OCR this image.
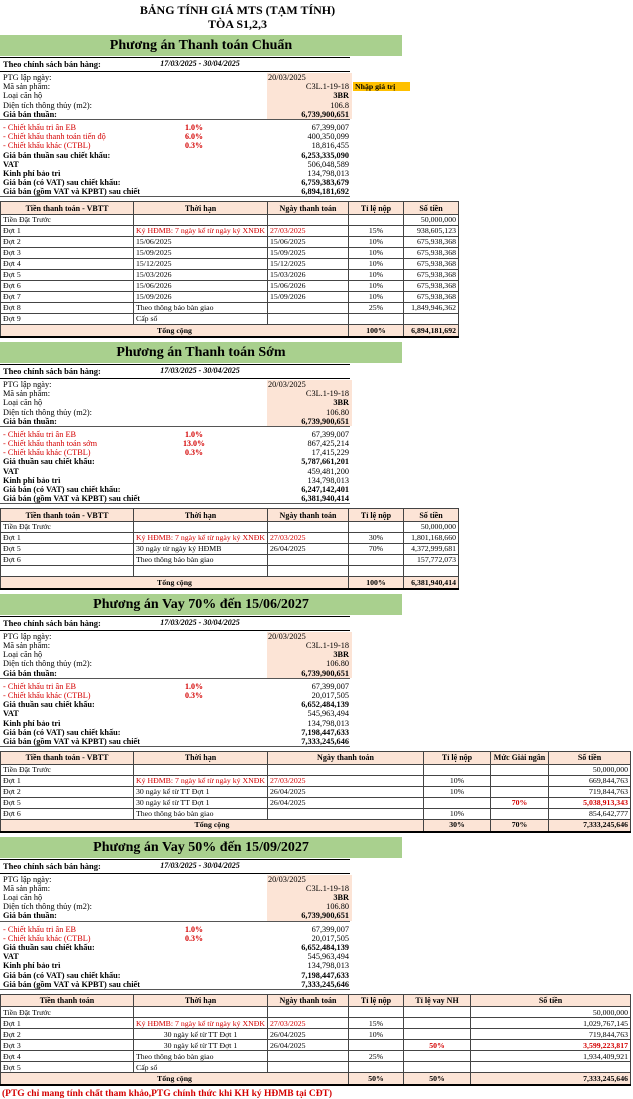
BẢNG TÍNH GIÁ MTS (TẠM TÍNH)
TÒA S1,2,3
Phương án Thanh toán Chuẩn
Theo chính sách bán hàng:	17/03/2025 - 30/04/2025
PTG lập ngày:	20/03/2025
Mã sản phẩm:	C3L.1-19-18 Nhập giá trị
Loại căn hộ	3BR
Diện tích thông thủy (m2):	106.8
Giá bán thuần:	6,739,900,651
- Chiết khấu tri ân EB	1.0%	67,399,007
- Chiết khấu thanh toán tiến độ	6.0%	400,350,099
- Chiết khấu khác (CTBL)	0.3%	18,816,455
Giá bán thuần sau chiết khấu:	6,253,335,090
VAT	506,048,589
Kinh phí bảo trì	134,798,013
Giá bán (có VAT) sau chiết khấu:	6,759,383,679
Giá bán (gồm VAT và KPBT) sau chiết	6,894,181,692
Tiền thanh toán - VBTT	Thời hạn	Ngày thanh toán	Tỉ lệ nộp	Số tiền
Tiền Đặt Trước				50,000,000
Đợt 1	Ký HĐMB: 7 ngày kể từ ngày ký XNĐK	27/03/2025	15%	938,605,123
Đợt 2	15/06/2025	15/06/2025	10%	675,938,368
Đợt 3	15/09/2025	15/09/2025	10%	675,938,368
Đợt 4	15/12/2025	15/12/2025	10%	675,938,368
Đợt 5	15/03/2026	15/03/2026	10%	675,938,368
Đợt 6	15/06/2026	15/06/2026	10%	675,938,368
Đợt 7	15/09/2026	15/09/2026	10%	675,938,368
Đợt 8	Theo thông báo bàn giao		25%	1,849,946,362
Đợt 9	Cấp sổ			
Tổng cộng			100%	6,894,181,692
Phương án Thanh toán Sớm
Theo chính sách bán hàng:	17/03/2025 - 30/04/2025
PTG lập ngày:	20/03/2025
Mã sản phẩm:	C3L.1-19-18
Loại căn hộ	3BR
Diện tích thông thủy (m2):	106.80
Giá bán thuần:	6,739,900,651
- Chiết khấu tri ân EB	1.0%	67,399,007
- Chiết khấu thanh toán sớm	13.0%	867,425,214
- Chiết khấu khác (CTBL)	0.3%	17,415,229
Giá thuần sau chiết khấu:	5,787,661,201
VAT	459,481,200
Kinh phí bảo trì	134,798,013
Giá bán (có VAT) sau chiết khấu:	6,247,142,401
Giá bán (gồm VAT và KPBT) sau chiết	6,381,940,414
Tiền thanh toán - VBTT	Thời hạn	Ngày thanh toán	Tỉ lệ nộp	Số tiền
Tiền Đặt Trước				50,000,000
Đợt 1	Ký HĐMB: 7 ngày kể từ ngày ký XNĐK	27/03/2025	30%	1,801,168,660
Đợt 5	30 ngày từ ngày ký HĐMB	26/04/2025	70%	4,372,999,681
Đợt 6	Theo thông báo bàn giao			157,772,073

Tổng cộng			100%	6,381,940,414
Phương án Vay 70% đến 15/06/2027
Theo chính sách bán hàng:	17/03/2025 - 30/04/2025
PTG lập ngày:	20/03/2025
Mã sản phẩm:	C3L.1-19-18
Loại căn hộ	3BR
Diện tích thông thủy (m2):	106.80
Giá bán thuần:	6,739,900,651
- Chiết khấu tri ân EB	1.0%	67,399,007
- Chiết khấu khác (CTBL)	0.3%	20,017,505
Giá thuần sau chiết khấu:	6,652,484,139
VAT	545,963,494
Kinh phí bảo trì	134,798,013
Giá bán (có VAT) sau chiết khấu:	7,198,447,633
Giá bán (gồm VAT và KPBT) sau chiết	7,333,245,646
Tiền thanh toán - VBTT	Thời hạn	Ngày thanh toán	Tỉ lệ nộp	Mức Giải ngân	Số tiền
Tiền Đặt Trước					50,000,000
Đợt 1	Ký HĐMB: 7 ngày kể từ ngày ký XNĐK	27/03/2025	10%		669,844,763
Đợt 2	30 ngày kể từ TT Đợt 1	26/04/2025	10%		719,844,763
Đợt 5	30 ngày kể từ TT Đợt 1	26/04/2025		70%	5,038,913,343
Đợt 6	Theo thông báo bàn giao		10%		854,642,777
Tổng cộng			30%	70%	7,333,245,646
Phương án Vay 50% đến 15/09/2027
Theo chính sách bán hàng:	17/03/2025 - 30/04/2025
PTG lập ngày:	20/03/2025
Mã sản phẩm:	C3L.1-19-18
Loại căn hộ	3BR
Diện tích thông thủy (m2):	106.80
Giá bán thuần:	6,739,900,651
- Chiết khấu tri ân EB	1.0%	67,399,007
- Chiết khấu khác (CTBL)	0.3%	20,017,505
Giá thuần sau chiết khấu:	6,652,484,139
VAT	545,963,494
Kinh phí bảo trì	134,798,013
Giá bán (có VAT) sau chiết khấu:	7,198,447,633
Giá bán (gồm VAT và KPBT) sau chiết	7,333,245,646
Tiền thanh toán	Thời hạn	Ngày thanh toán	Tỉ lệ nộp	Tỉ lệ vay NH	Số tiền
Tiền Đặt Trước					50,000,000
Đợt 1	Ký HĐMB: 7 ngày kể từ ngày ký XNĐK	27/03/2025	15%		1,029,767,145
Đợt 2	30 ngày kể từ TT Đợt 1	26/04/2025	10%		719,844,763
Đợt 3	30 ngày kể từ TT Đợt 1	26/04/2025		50%	3,599,223,817
Đợt 4	Theo thông báo bàn giao		25%		1,934,409,921
Đợt 5	Cấp sổ				
Tổng cộng			50%	50%	7,333,245,646
(PTG chỉ mang tính chất tham khảo,PTG chính thức khi KH ký HĐMB tại CĐT)
